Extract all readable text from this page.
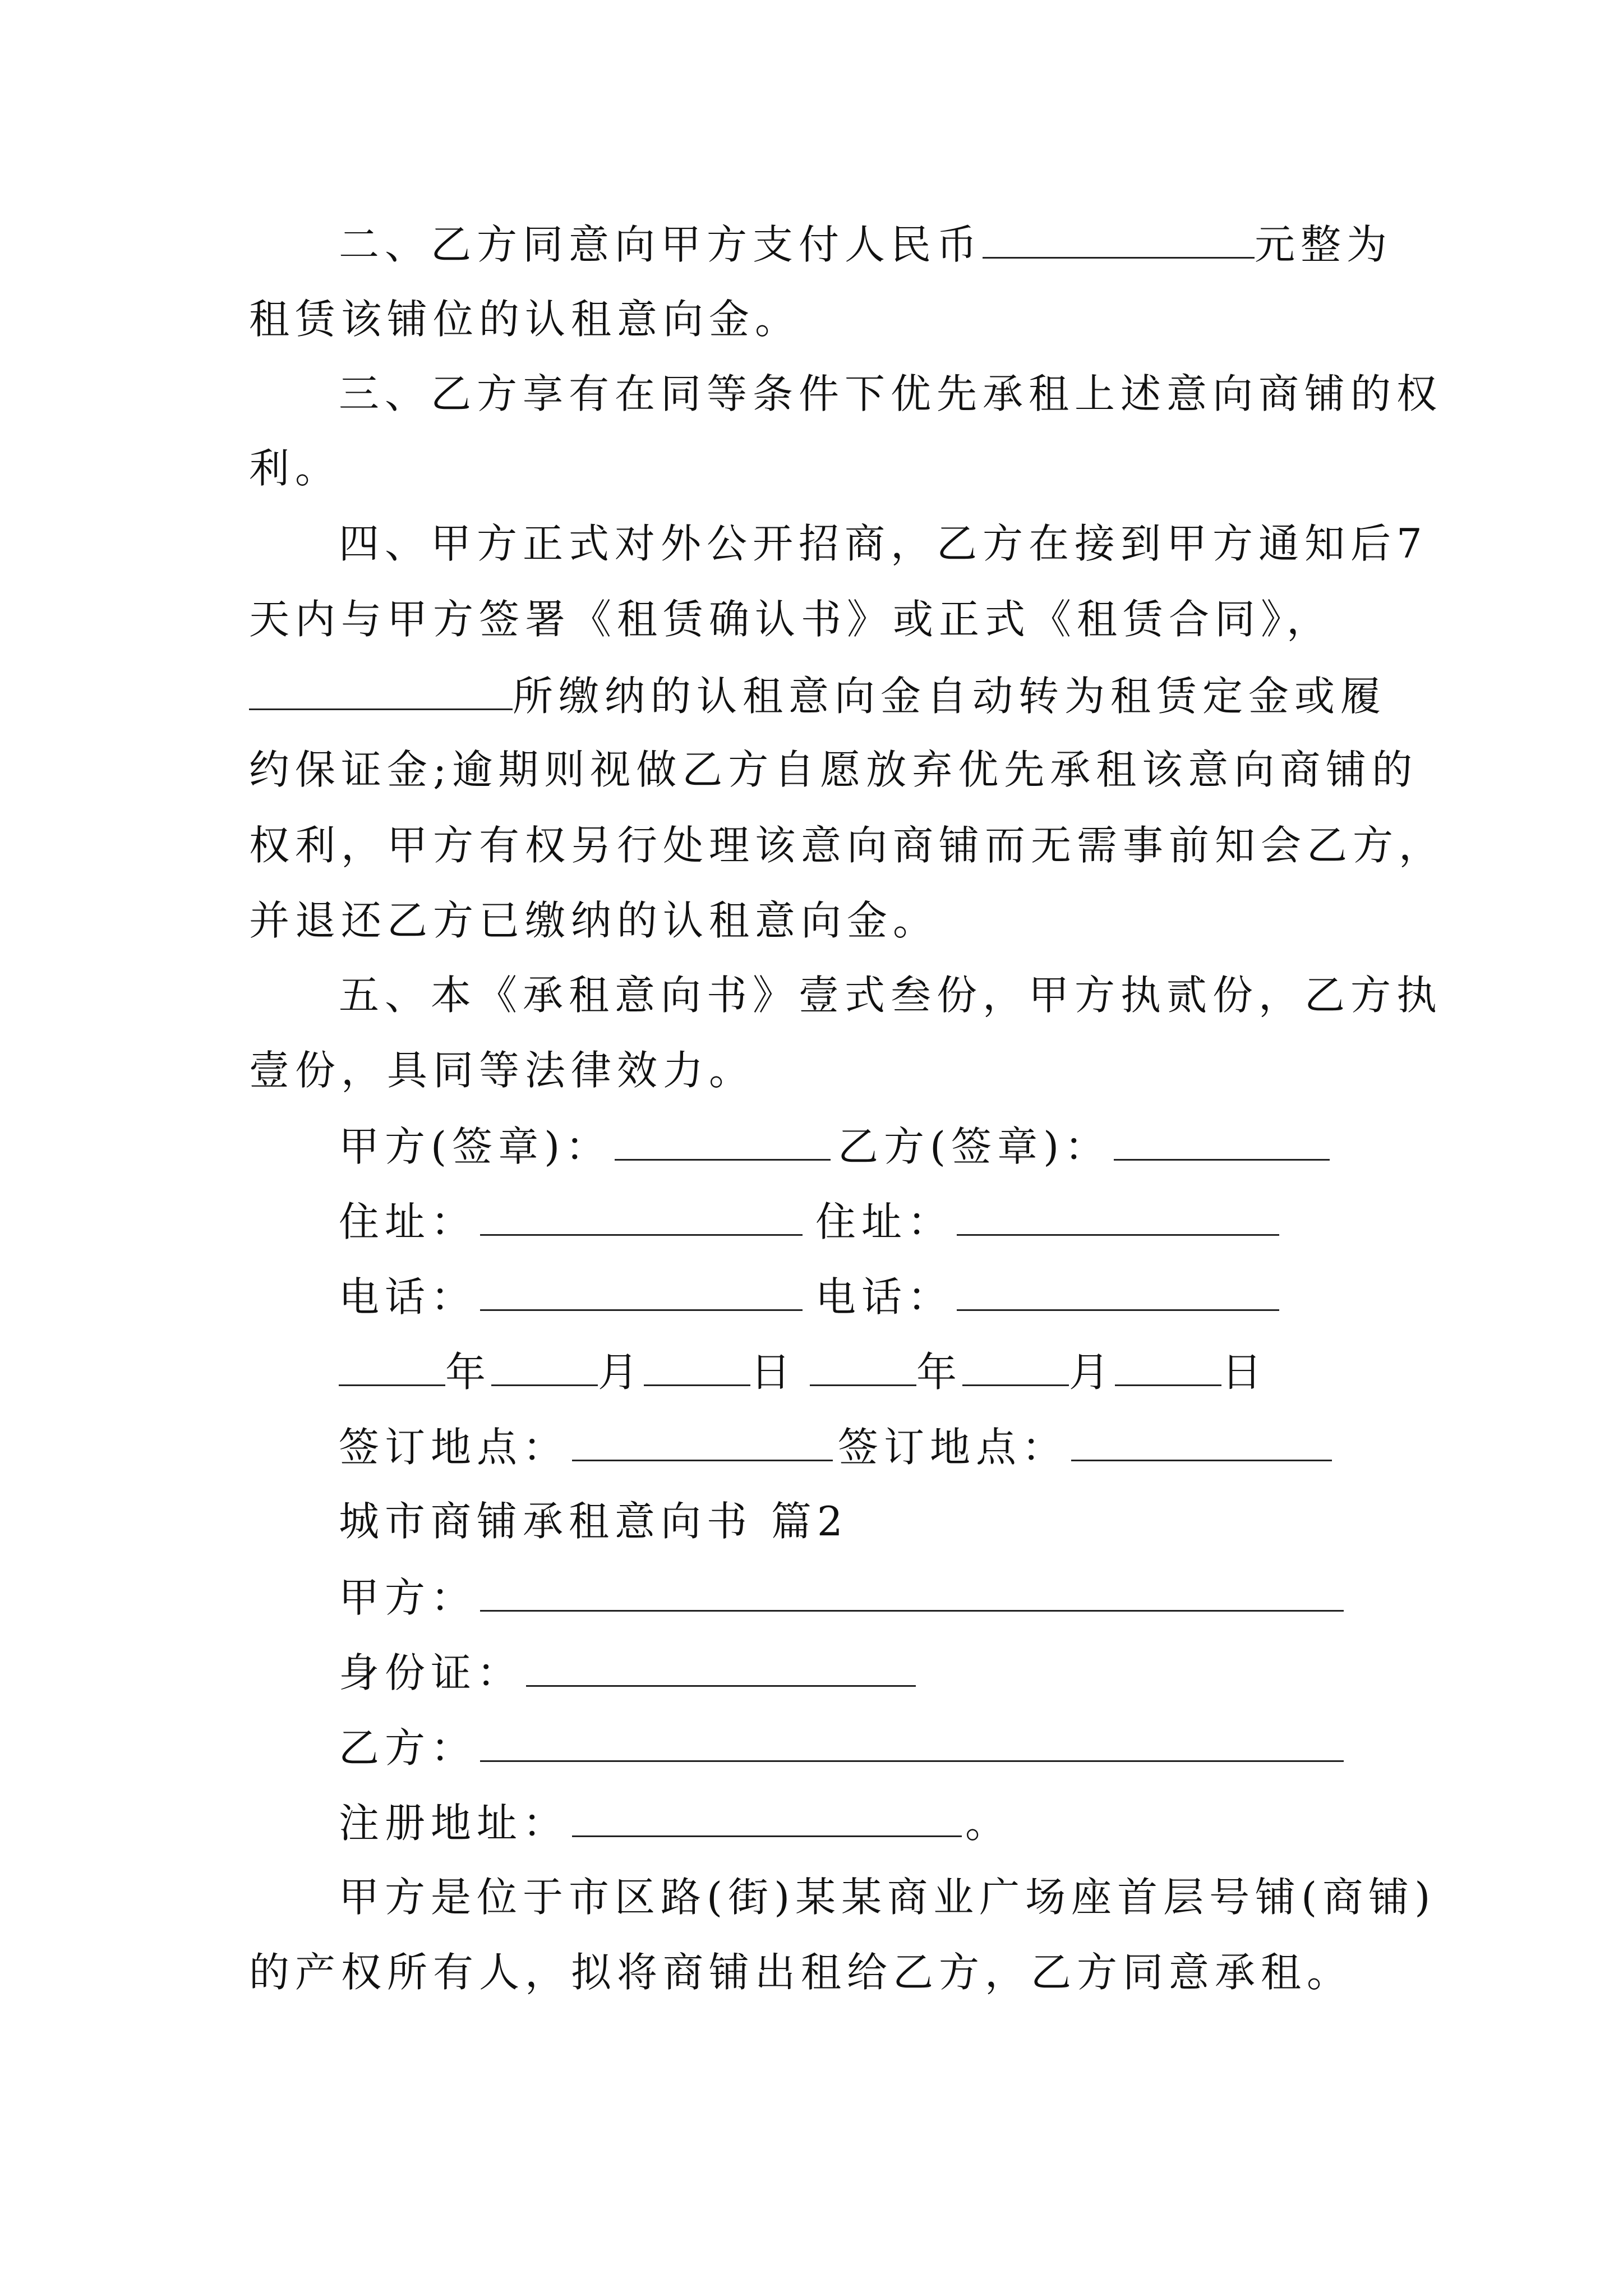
二、乙方同意向甲方支付人民币	元整为
租赁该铺位的认租意向金。
三、乙方享有在同等条件下优先承租上述意向商铺的权
利。
四、甲方正式对外公开招商，乙方在接到甲方通知后7
天内与甲方签署《租赁确认书》或正式《租赁合同》，
所缴纳的认租意向金自动转为租赁定金或履
约保证金;逾期则视做乙方自愿放弃优先承租该意向商铺的
权利，甲方有权另行处理该意向商铺而无需事前知会乙方，
并退还乙方已缴纳的认租意向金。
五、本《承租意向书》壹式叁份，甲方执贰份，乙方执
壹份，具同等法律效力。
甲方(签章)：	乙方(签章)：
住址：	住址：
电话：	电话：
年	月	日	年	月	日
签订地点：	签订地点：
城市商铺承租意向书 篇2
甲方：
身份证：
乙方：
注册地址：	。
甲方是位于市区路(街)某某商业广场座首层号铺(商铺)
的产权所有人，拟将商铺出租给乙方，乙方同意承租。
